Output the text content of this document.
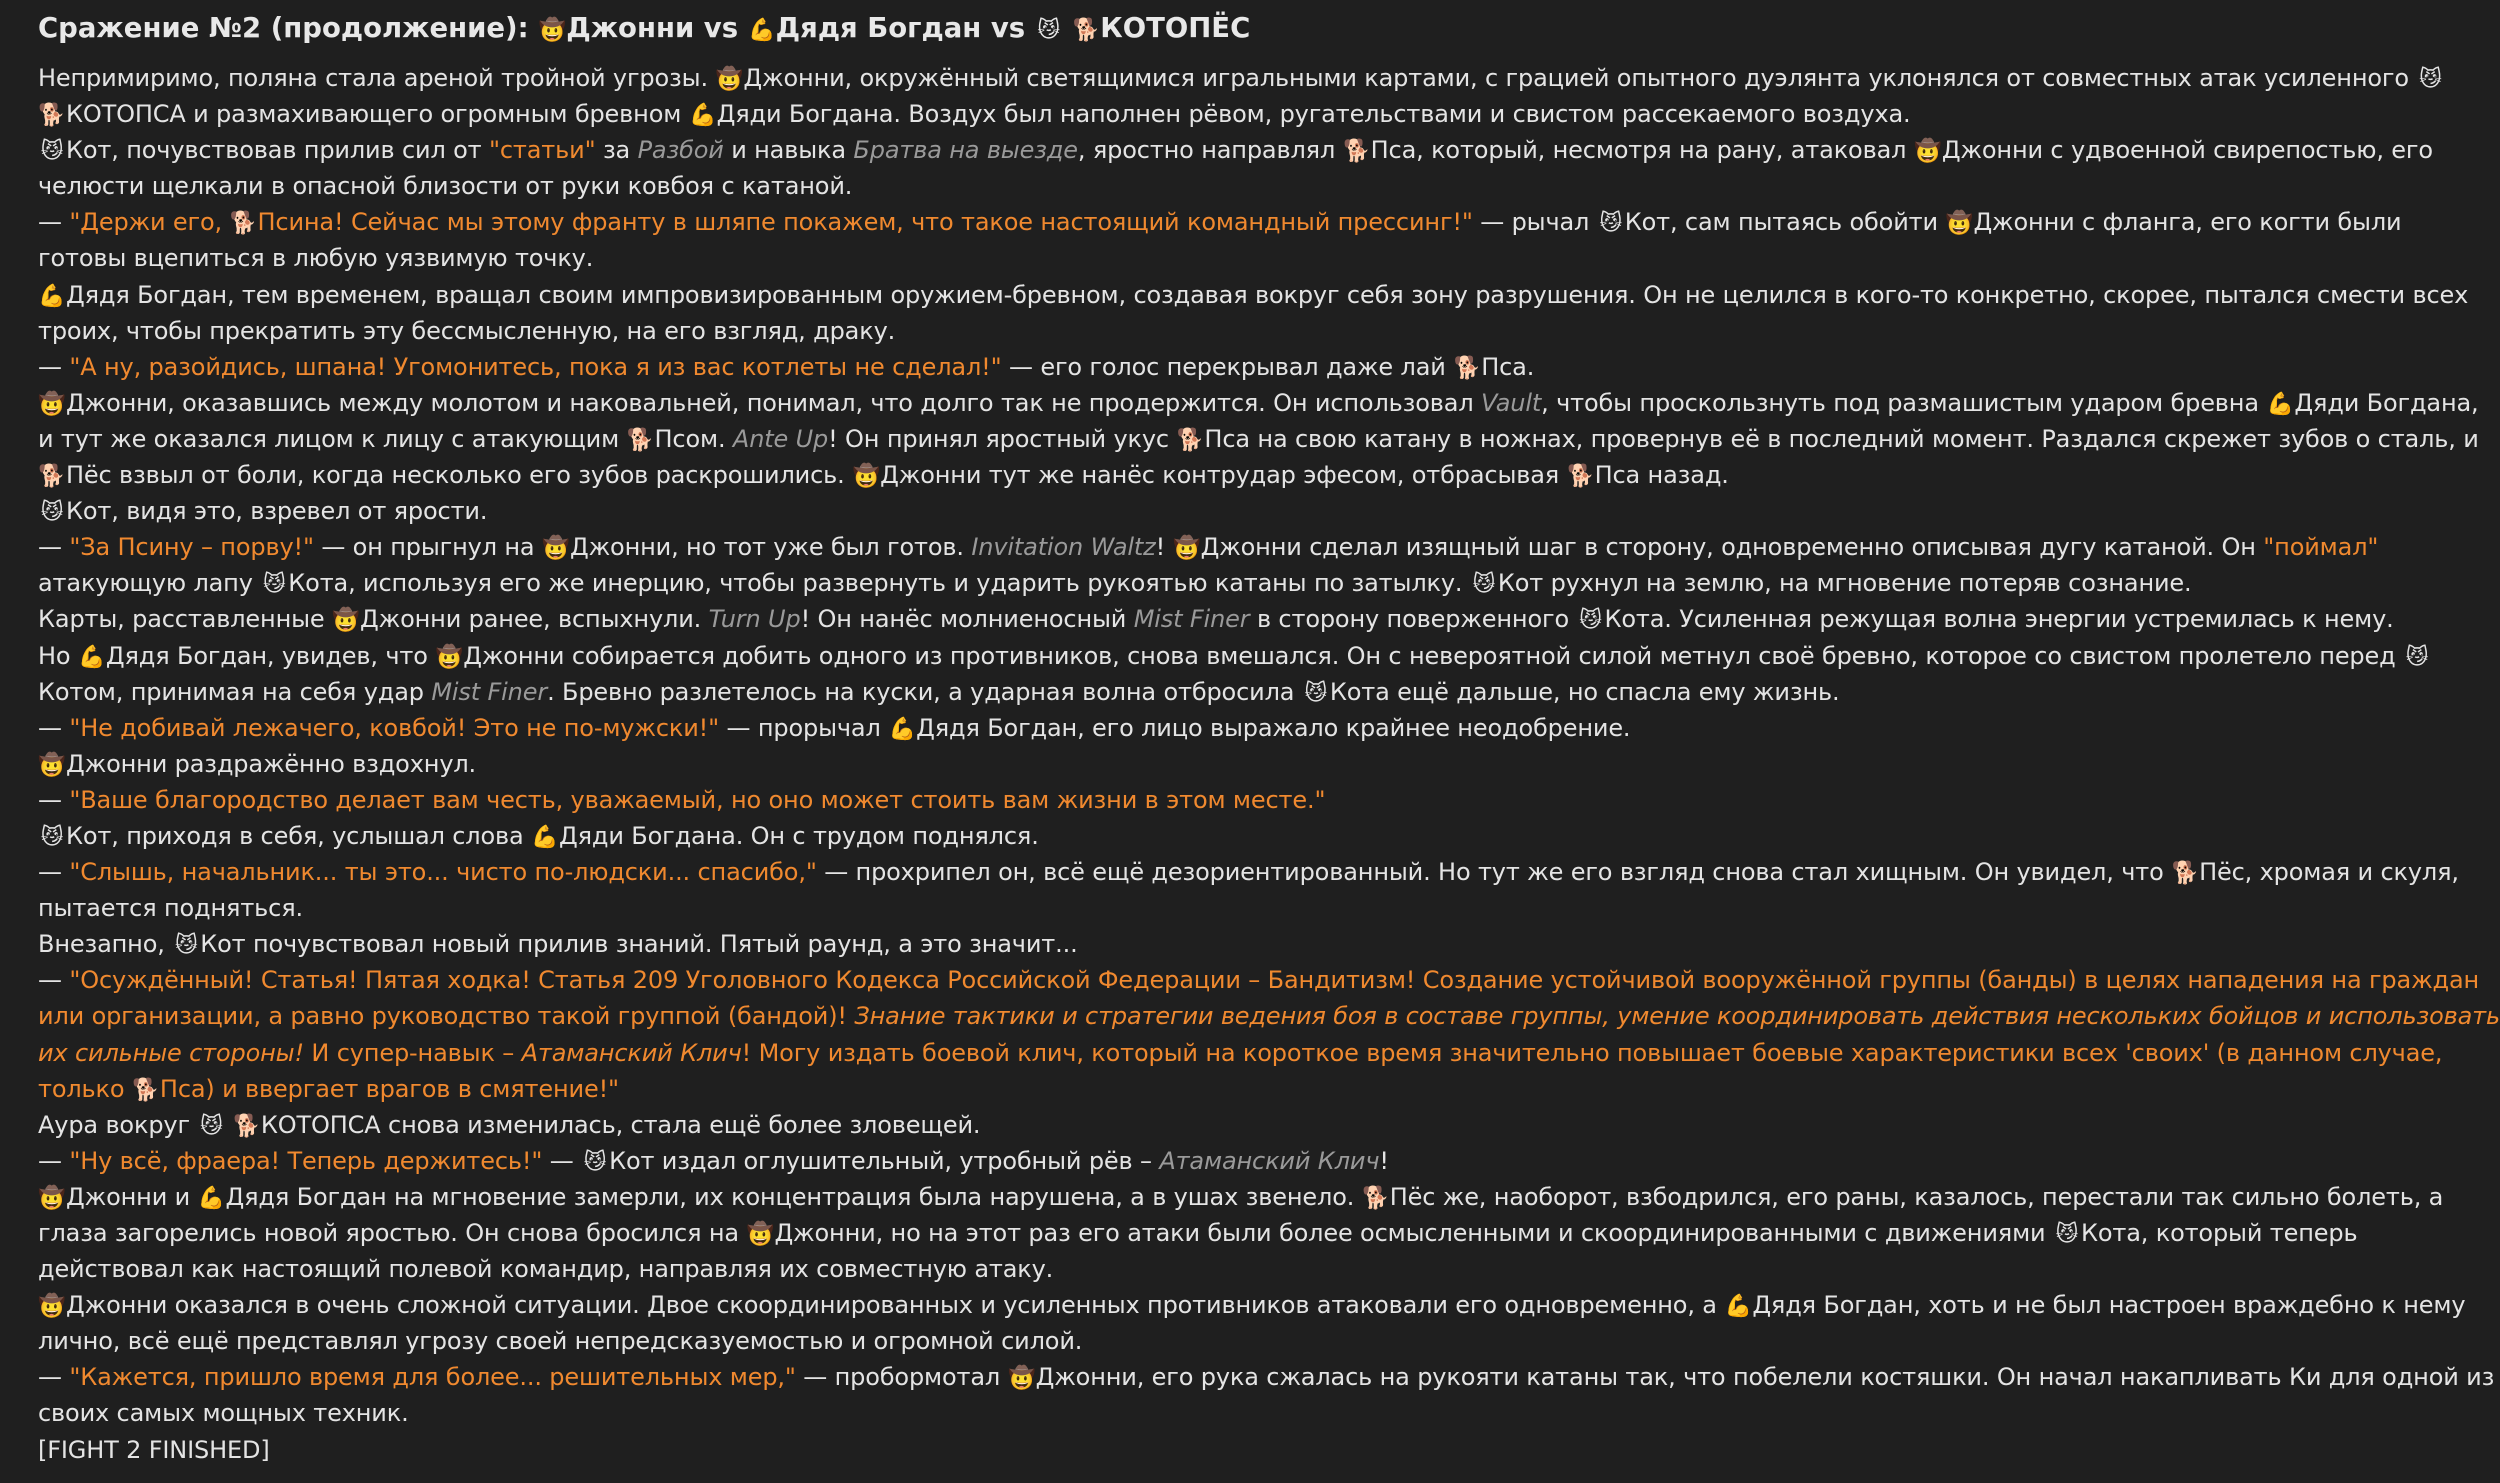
Сражение №2 (продолжение): 🤠Джонни vs 💪Дядя Богдан vs 😼 🐕КОТОПЁС
Непримиримо, поляна стала ареной тройной угрозы. 🤠Джонни, окружённый светящимися игральными картами, с грацией опытного дуэлянта уклонялся от совместных атак усиленного 😼
🐕КОТОПСА и размахивающего огромным бревном 💪Дяди Богдана. Воздух был наполнен рёвом, ругательствами и свистом рассекаемого воздуха.
😼 Кот, почувствовав прилив сил от "статьи" за Разбой и навыка Братва на выезде, яростно направлял 🐕Пса, который, несмотря на рану, атаковал 🤠Джонни с удвоенной свирепостью, его
челюсти щелкали в опасной близости от руки ковбоя с катаной.
— "Держи его, 🐕Псина! Сейчас мы этому франту в шляпе покажем, что такое настоящий командный прессинг!" — рычал 😼 Кот, сам пытаясь обойти 🤠Джонни с фланга, его когти были
готовы вцепиться в любую уязвимую точку.
💪Дядя Богдан, тем временем, вращал своим импровизированным оружием-бревном, создавая вокруг себя зону разрушения. Он не целился в кого-то конкретно, скорее, пытался смести всех
троих, чтобы прекратить эту бессмысленную, на его взгляд, драку.
— "А ну, разойдись, шпана! Угомонитесь, пока я из вас котлеты не сделал!" — его голос перекрывал даже лай 🐕Пса.
🤠Джонни, оказавшись между молотом и наковальней, понимал, что долго так не продержится. Он использовал Vault, чтобы проскользнуть под размашистым ударом бревна 💪Дяди Богдана,
и тут же оказался лицом к лицу с атакующим 🐕Псом. Ante Up! Он принял яростный укус 🐕Пса на свою катану в ножнах, провернув её в последний момент. Раздался скрежет зубов о сталь, и
🐕Пёс взвыл от боли, когда несколько его зубов раскрошились. 🤠Джонни тут же нанёс контрудар эфесом, отбрасывая 🐕Пса назад.
😼 Кот, видя это, взревел от ярости.
— "За Псину – порву!" — он прыгнул на 🤠Джонни, но тот уже был готов. Invitation Waltz! 🤠Джонни сделал изящный шаг в сторону, одновременно описывая дугу катаной. Он "поймал"
атакующую лапу 😼 Кота, используя его же инерцию, чтобы развернуть и ударить рукоятью катаны по затылку. 😼 Кот рухнул на землю, на мгновение потеряв сознание.
Карты, расставленные 🤠Джонни ранее, вспыхнули. Turn Up! Он нанёс молниеносный Mist Finer в сторону поверженного 😼 Кота. Усиленная режущая волна энергии устремилась к нему.
Но 💪Дядя Богдан, увидев, что 🤠Джонни собирается добить одного из противников, снова вмешался. Он с невероятной силой метнул своё бревно, которое со свистом пролетело перед 😼
Котом, принимая на себя удар Mist Finer. Бревно разлетелось на куски, а ударная волна отбросила 😼 Кота ещё дальше, но спасла ему жизнь.
— "Не добивай лежачего, ковбой! Это не по-мужски!" — прорычал 💪Дядя Богдан, его лицо выражало крайнее неодобрение.
🤠Джонни раздражённо вздохнул.
— "Ваше благородство делает вам честь, уважаемый, но оно может стоить вам жизни в этом месте."
😼 Кот, приходя в себя, услышал слова 💪Дяди Богдана. Он с трудом поднялся.
— "Слышь, начальник... ты это... чисто по-людски... спасибо," — прохрипел он, всё ещё дезориентированный. Но тут же его взгляд снова стал хищным. Он увидел, что 🐕Пёс, хромая и скуля,
пытается подняться.
Внезапно, 😼 Кот почувствовал новый прилив знаний. Пятый раунд, а это значит...
— "Осуждённый! Статья! Пятая ходка! Статья 209 Уголовного Кодекса Российской Федерации – Бандитизм! Создание устойчивой вооружённой группы (банды) в целях нападения на граждан
или организации, а равно руководство такой группой (бандой)! Знание тактики и стратегии ведения боя в составе группы, умение координировать действия нескольких бойцов и использовать
их сильные стороны! И супер-навык – Атаманский Клич! Могу издать боевой клич, который на короткое время значительно повышает боевые характеристики всех 'своих' (в данном случае,
только 🐕Пса) и ввергает врагов в смятение!"
Аура вокруг 😼 🐕КОТОПСА снова изменилась, стала ещё более зловещей.
— "Ну всё, фраера! Теперь держитесь!" — 😼 Кот издал оглушительный, утробный рёв – Атаманский Клич!
🤠Джонни и 💪Дядя Богдан на мгновение замерли, их концентрация была нарушена, а в ушах звенело. 🐕Пёс же, наоборот, взбодрился, его раны, казалось, перестали так сильно болеть, а
глаза загорелись новой яростью. Он снова бросился на 🤠Джонни, но на этот раз его атаки были более осмысленными и скоординированными с движениями 😼 Кота, который теперь
действовал как настоящий полевой командир, направляя их совместную атаку.
🤠Джонни оказался в очень сложной ситуации. Двое скоординированных и усиленных противников атаковали его одновременно, а 💪Дядя Богдан, хоть и не был настроен враждебно к нему
лично, всё ещё представлял угрозу своей непредсказуемостью и огромной силой.
— "Кажется, пришло время для более... решительных мер," — пробормотал 🤠Джонни, его рука сжалась на рукояти катаны так, что побелели костяшки. Он начал накапливать Ки для одной из
своих самых мощных техник.
[FIGHT 2 FINISHED]
